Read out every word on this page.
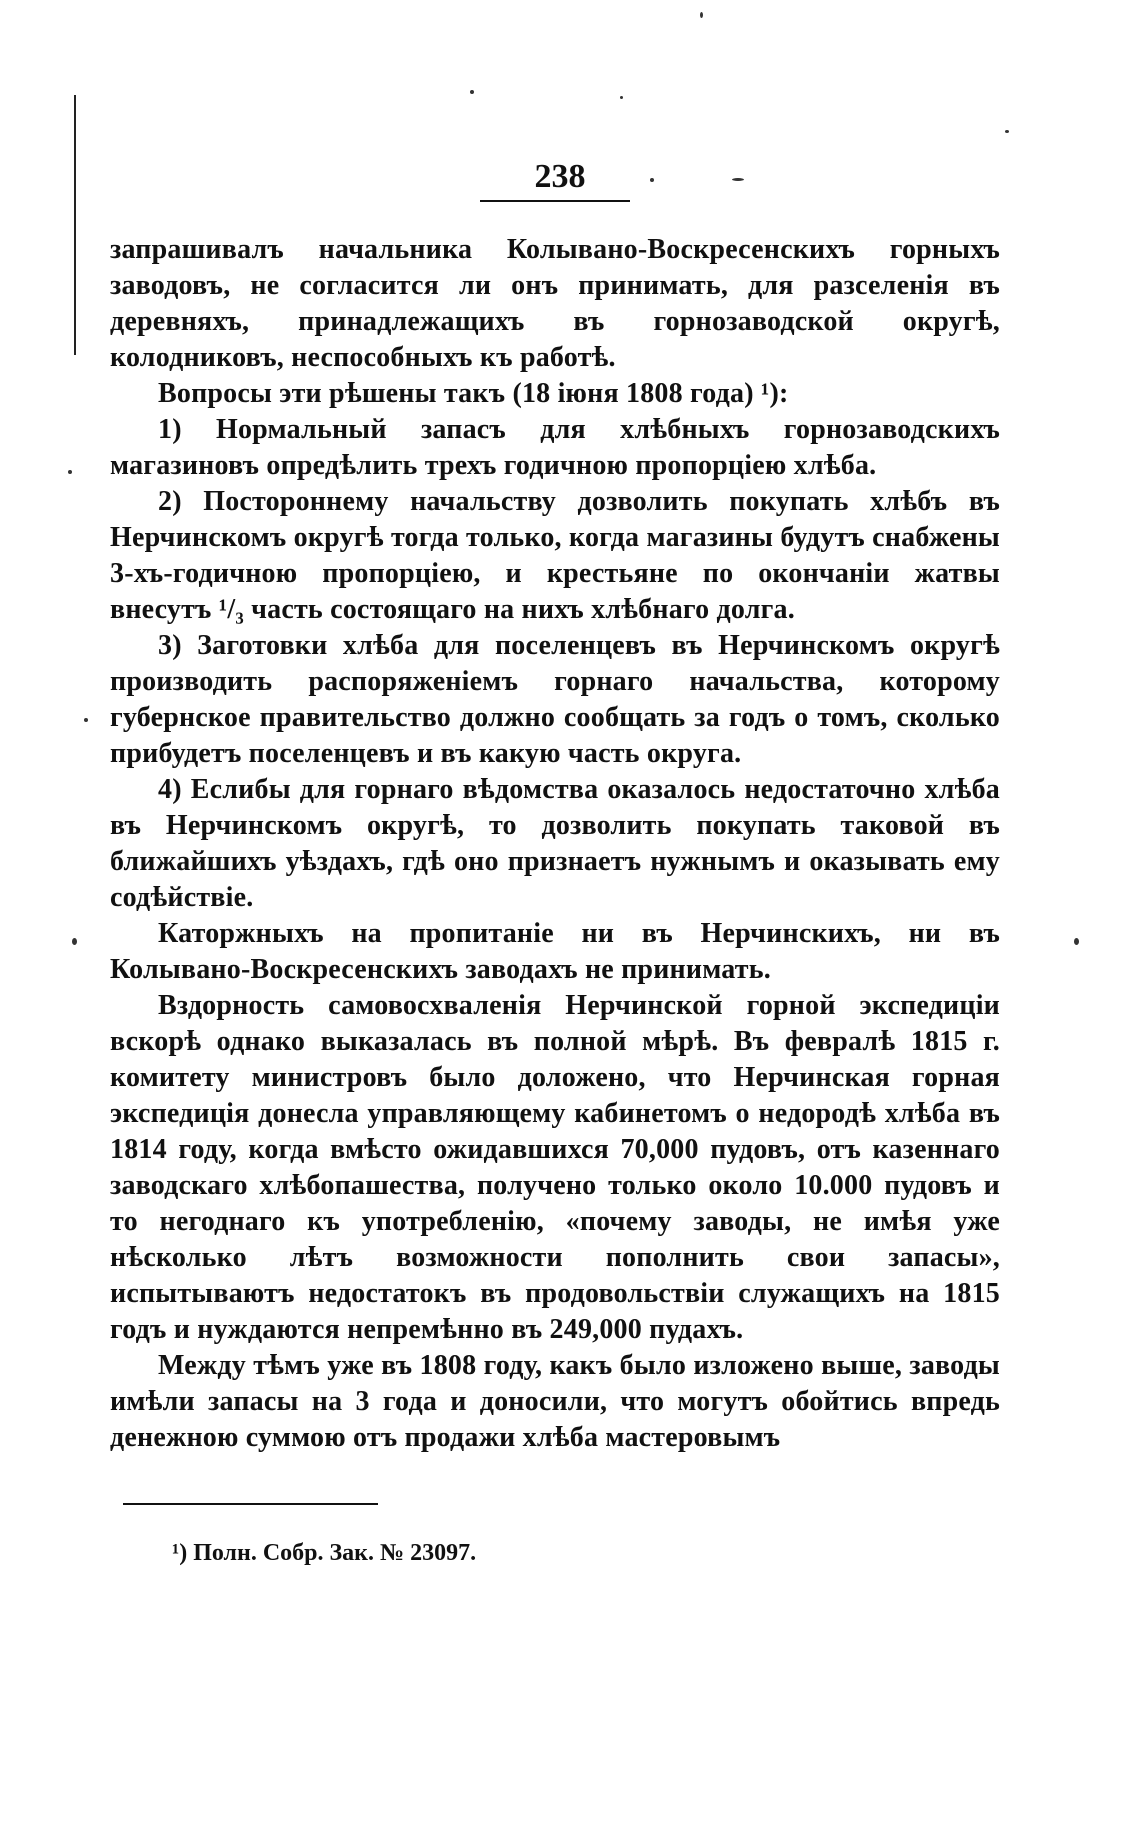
238

запрашивалъ начальника Колывано-Воскресенскихъ горныхъ заводовъ, не согласится ли онъ принимать, для разселенія въ деревняхъ, принадлежащихъ въ горнозаводской округѣ, колодниковъ, неспособныхъ къ работѣ.

Вопросы эти рѣшены такъ (18 іюня 1808 года) ¹):

1) Нормальный запасъ для хлѣбныхъ горнозаводскихъ магазиновъ опредѣлить трехъ годичною пропорціею хлѣба.

2) Постороннему начальству дозволить покупать хлѣбъ въ Нерчинскомъ округѣ тогда только, когда магазины будутъ снабжены 3-хъ-годичною пропорціею, и крестьяне по окончаніи жатвы внесутъ ¹/₃ часть состоящаго на нихъ хлѣбнаго долга.

3) Заготовки хлѣба для поселенцевъ въ Нерчинскомъ округѣ производить распоряженіемъ горнаго начальства, которому губернское правительство должно сообщать за годъ о томъ, сколько прибудетъ поселенцевъ и въ какую часть округа.

4) Еслибы для горнаго вѣдомства оказалось недостаточно хлѣба въ Нерчинскомъ округѣ, то дозволить покупать таковой въ ближайшихъ уѣздахъ, гдѣ оно признаетъ нужнымъ и оказывать ему содѣйствіе.

Каторжныхъ на пропитаніе ни въ Нерчинскихъ, ни въ Колывано-Воскресенскихъ заводахъ не принимать.

Вздорность самовосхваленія Нерчинской горной экспедиціи вскорѣ однако выказалась въ полной мѣрѣ. Въ февралѣ 1815 г. комитету министровъ было доложено, что Нерчинская горная экспедиція донесла управляющему кабинетомъ о недородѣ хлѣба въ 1814 году, когда вмѣсто ожидавшихся 70,000 пудовъ, отъ казеннаго заводскаго хлѣбопашества, получено только около 10.000 пудовъ и то негоднаго къ употребленію, «почему заводы, не имѣя уже нѣсколько лѣтъ возможности пополнить свои запасы», испытываютъ недостатокъ въ продовольствіи служащихъ на 1815 годъ и нуждаются непремѣнно въ 249,000 пудахъ.

Между тѣмъ уже въ 1808 году, какъ было изложено выше, заводы имѣли запасы на 3 года и доносили, что могутъ обойтись впредь денежною суммою отъ продажи хлѣба мастеровымъ

¹) Полн. Собр. Зак. № 23097.
